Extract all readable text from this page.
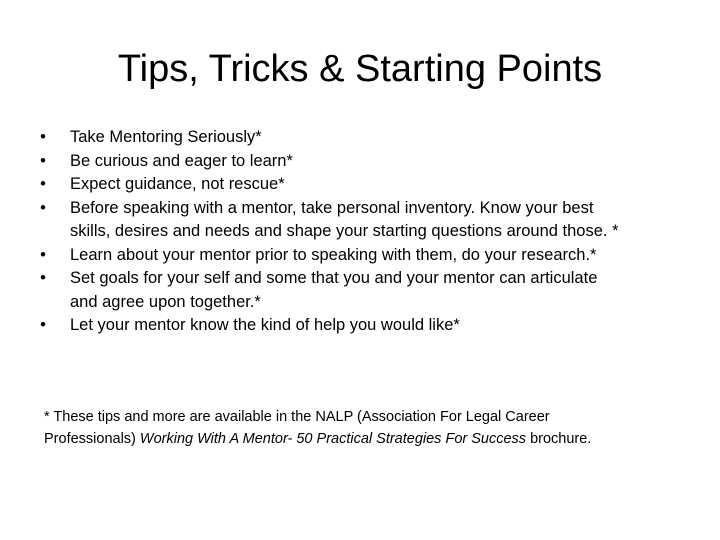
Tips, Tricks & Starting Points
• Take Mentoring Seriously*
• Be curious and eager to learn*
• Expect guidance, not rescue*
• Before speaking with a mentor, take personal inventory. Know your best
skills, desires and needs and shape your starting questions around those. *
• Learn about your mentor prior to speaking with them, do your research.*
• Set goals for your self and some that you and your mentor can articulate
and agree upon together.*
• Let your mentor know the kind of help you would like*

* These tips and more are available in the NALP (Association For Legal Career
Professionals) Working With A Mentor- 50 Practical Strategies For Success brochure.
